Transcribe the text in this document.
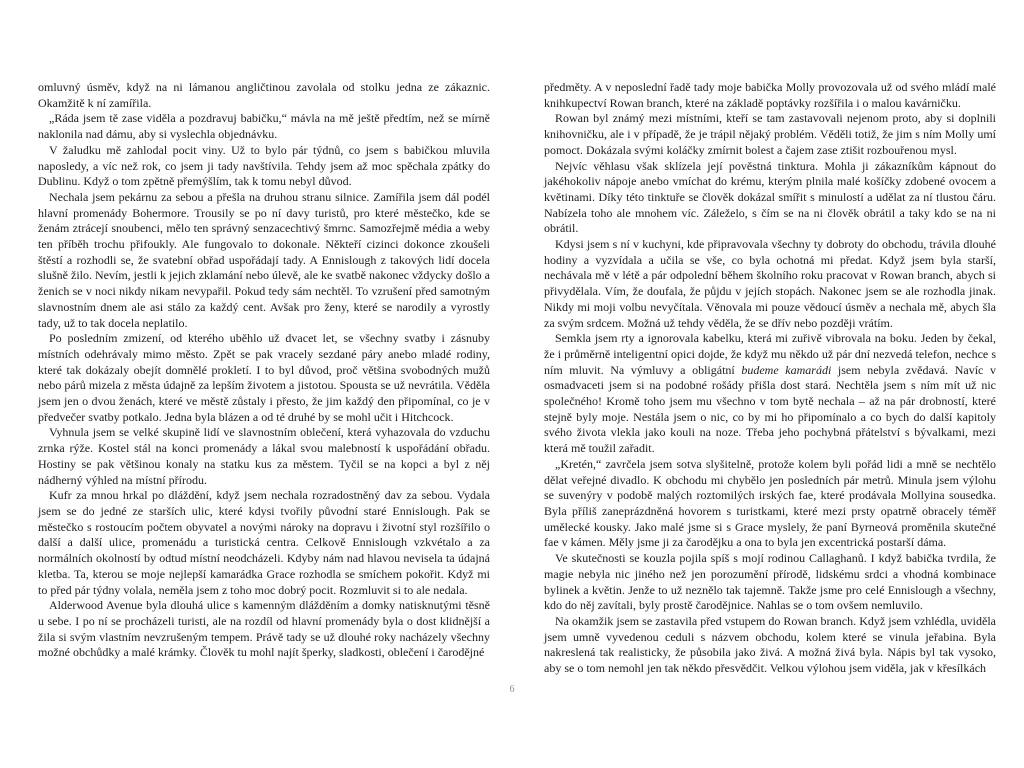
omluvný úsměv, když na ni lámanou angličtinou zavolala od stolku jedna ze zákaznic. Okamžitě k ní zamířila.

„Ráda jsem tě zase viděla a pozdravuj babičku,“ mávla na mě ještě předtím, než se mírně naklonila nad dámu, aby si vyslechla objednávku.

V žaludku mě zahlodal pocit viny. Už to bylo pár týdnů, co jsem s babičkou mluvila naposledy, a víc než rok, co jsem ji tady navštívila. Tehdy jsem až moc spěchala zpátky do Dublinu. Když o tom zpětně přemýšlím, tak k tomu nebyl důvod.

Nechala jsem pekárnu za sebou a přešla na druhou stranu silnice. Zamířila jsem dál podél hlavní promenády Bohermore. Trousily se po ní davy turistů, pro které městečko, kde se ženám ztrácejí snoubenci, mělo ten správný senzacechtivý šmrnc. Samozřejmě média a weby ten příběh trochu přifoukly. Ale fungovalo to dokonale. Někteří cizinci dokonce zkoušeli štěstí a rozhodli se, že svatební obřad uspořádají tady. A Ennislough z takových lidí docela slušně žilo. Nevím, jestli k jejich zklamání nebo úlevě, ale ke svatbě nakonec vždycky došlo a ženich se v noci nikdy nikam nevypařil. Pokud tedy sám nechtěl. To vzrušení před samotným slavnostním dnem ale asi stálo za každý cent. Avšak pro ženy, které se narodily a vyrostly tady, už to tak docela neplatilo.

Po posledním zmizení, od kterého uběhlo už dvacet let, se všechny svatby i zásnuby místních odehrávaly mimo město. Zpět se pak vracely sezdané páry anebo mladé rodiny, které tak dokázaly obejít domnělé prokletí. I to byl důvod, proč většina svobodných mužů nebo párů mizela z města údajně za lepším životem a jistotou. Spousta se už nevrátila. Věděla jsem jen o dvou ženách, které ve městě zůstaly i přesto, že jim každý den připomínal, co je v předvečer svatby potkalo. Jedna byla blázen a od té druhé by se mohl učit i Hitchcock.

Vyhnula jsem se velké skupině lidí ve slavnostním oblečení, která vyhazovala do vzduchu zrnka rýže. Kostel stál na konci promenády a lákal svou malebností k uspořádání obřadu. Hostiny se pak většinou konaly na statku kus za městem. Tyčil se na kopci a byl z něj nádherný výhled na místní přírodu.

Kufr za mnou hrkal po dláždění, když jsem nechala rozradostněný dav za sebou. Vydala jsem se do jedné ze starších ulic, které kdysi tvořily původní staré Ennislough. Pak se městečko s rostoucím počtem obyvatel a novými nároky na dopravu i životní styl rozšířilo o další a další ulice, promenádu a turistická centra. Celkově Ennislough vzkvétalo a za normálních okolností by odtud místní neodcházeli. Kdyby nám nad hlavou nevisela ta údajná kletba. Ta, kterou se moje nejlepší kamarádka Grace rozhodla se smíchem pokořit. Když mi to před pár týdny volala, neměla jsem z toho moc dobrý pocit. Rozmluvit si to ale nedala.

Alderwood Avenue byla dlouhá ulice s kamenným dlážděním a domky natisknutými těsně u sebe. I po ní se procházeli turisti, ale na rozdíl od hlavní promenády byla o dost klidnější a žila si svým vlastním nevzrušeným tempem. Právě tady se už dlouhé roky nacházely všechny možné obchůdky a malé krámky. Člověk tu mohl najít šperky, sladkosti, oblečení i čarodějné

předměty. A v neposlední řadě tady moje babička Molly provozovala už od svého mládí malé knihkupectví Rowan branch, které na základě poptávky rozšířila i o malou kavárničku.

Rowan byl známý mezi místními, kteří se tam zastavovali nejenom proto, aby si doplnili knihovničku, ale i v případě, že je trápil nějaký problém. Věděli totiž, že jim s ním Molly umí pomoct. Dokázala svými koláčky zmírnit bolest a čajem zase ztišit rozbouřenou mysl.

Nejvíc věhlasu však sklízela její pověstná tinktura. Mohla ji zákazníkům kápnout do jakéhokoliv nápoje anebo vmíchat do krému, kterým plnila malé košíčky zdobené ovocem a květinami. Díky této tinktuře se člověk dokázal smířit s minulostí a udělat za ní tlustou čáru. Nabízela toho ale mnohem víc. Záleželo, s čím se na ni člověk obrátil a taky kdo se na ni obrátil.

Kdysi jsem s ní v kuchyni, kde připravovala všechny ty dobroty do obchodu, trávila dlouhé hodiny a vyzvídala a učila se vše, co byla ochotná mi předat. Když jsem byla starší, nechávala mě v létě a pár odpolední během školního roku pracovat v Rowan branch, abych si přivydělala. Vím, že doufala, že půjdu v jejích stopách. Nakonec jsem se ale rozhodla jinak. Nikdy mi moji volbu nevyčítala. Věnovala mi pouze vědoucí úsměv a nechala mě, abych šla za svým srdcem. Možná už tehdy věděla, že se dřív nebo později vrátím.

Semkla jsem rty a ignorovala kabelku, která mi zuřivě vibrovala na boku. Jeden by čekal, že i průměrně inteligentní opici dojde, že když mu někdo už pár dní nezvedá telefon, nechce s ním mluvit. Na výmluvy a obligátní budeme kamarádi jsem nebyla zvědavá. Navíc v osmadvaceti jsem si na podobné rošády přišla dost stará. Nechtěla jsem s ním mít už nic společného! Kromě toho jsem mu všechno v tom bytě nechala – až na pár drobností, které stejně byly moje. Nestála jsem o nic, co by mi ho připomínalo a co bych do další kapitoly svého života vlekla jako kouli na noze. Třeba jeho pochybná přátelství s bývalkami, mezi která mě toužil zařadit.

„Kretén,“ zavrčela jsem sotva slyšitelně, protože kolem byli pořád lidi a mně se nechtělo dělat veřejné divadlo. K obchodu mi chybělo jen posledních pár metrů. Minula jsem výlohu se suvenýry v podobě malých roztomilých irských fae, které prodávala Mollyina sousedka. Byla příliš zaneprázdněná hovorem s turistkami, které mezi prsty opatrně obracely téměř umělecké kousky. Jako malé jsme si s Grace myslely, že paní Byrneová proměnila skutečné fae v kámen. Měly jsme ji za čarodějku a ona to byla jen excentrická postarší dáma.

Ve skutečnosti se kouzla pojila spíš s mojí rodinou Callaghanů. I když babička tvrdila, že magie nebyla nic jiného než jen porozumění přírodě, lidskému srdci a vhodná kombinace bylinek a květin. Jenže to už neznělo tak tajemně. Takže jsme pro celé Ennislough a všechny, kdo do něj zavítali, byly prostě čarodějnice. Nahlas se o tom ovšem nemluvilo.

Na okamžik jsem se zastavila před vstupem do Rowan branch. Když jsem vzhlédla, uviděla jsem umně vyvedenou ceduli s názvem obchodu, kolem které se vinula jeřabina. Byla nakreslená tak realisticky, že působila jako živá. A možná živá byla. Nápis byl tak vysoko, aby se o tom nemohl jen tak někdo přesvědčit. Velkou výlohou jsem viděla, jak v křesílkách

6
